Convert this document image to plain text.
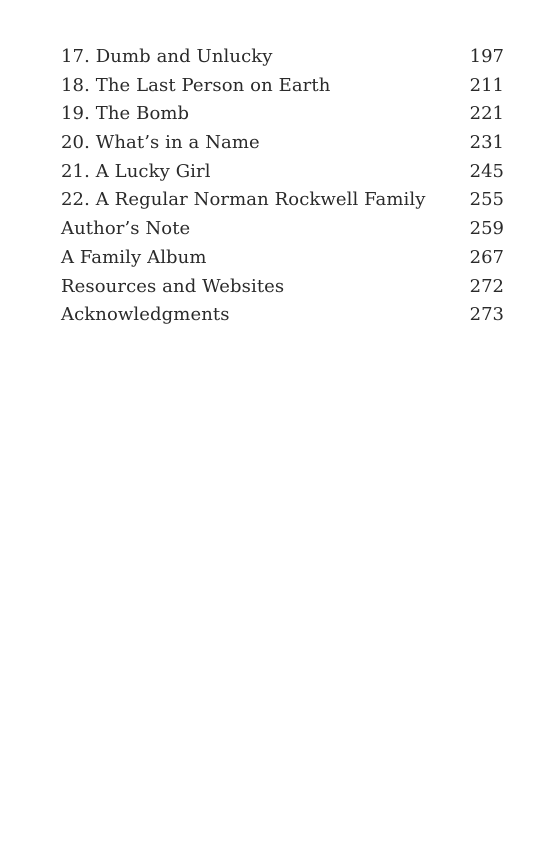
17. Dumb and Unlucky	197
18. The Last Person on Earth	211
19. The Bomb	221
20. What’s in a Name	231
21. A Lucky Girl	245
22. A Regular Norman Rockwell Family	255
Author’s Note	259
A Family Album	267
Resources and Websites	272
Acknowledgments	273
